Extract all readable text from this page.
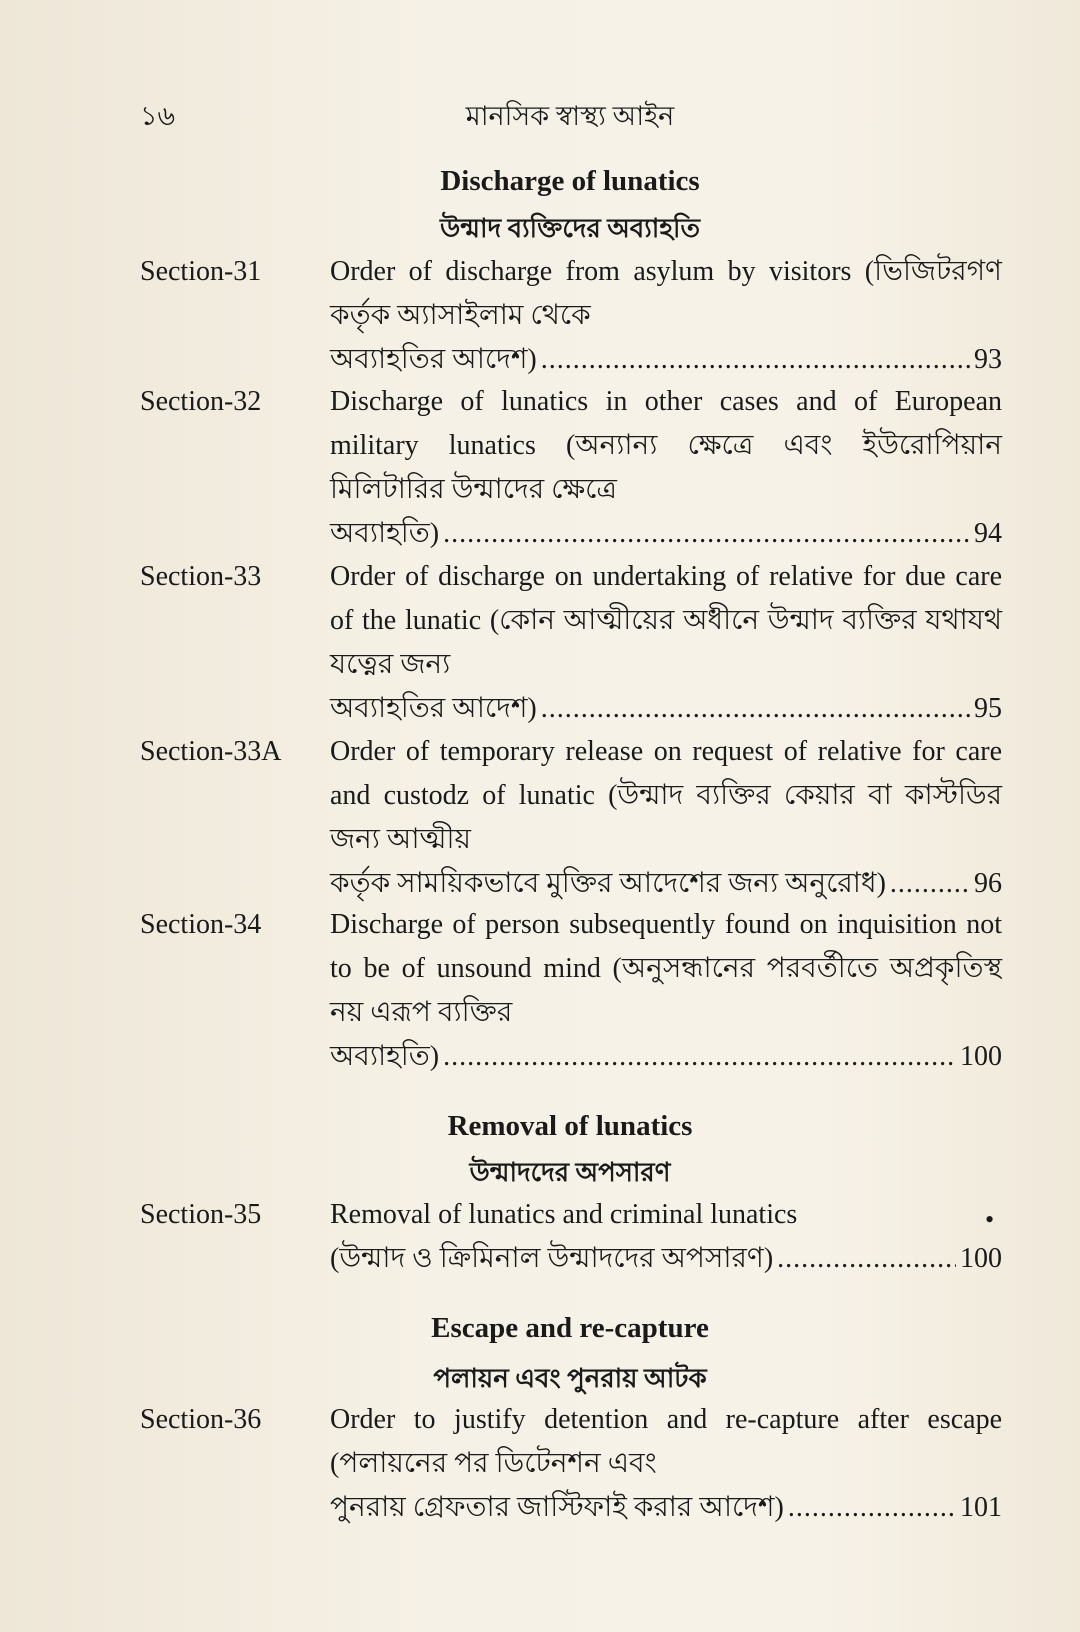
১৬	মানসিক স্বাস্থ্য আইন
Discharge of lunatics
উন্মাদ ব্যক্তিদের অব্যাহতি
Section-31 Order of discharge from asylum by visitors (ভিজিটরগণ কর্তৃক অ্যাসাইলাম থেকে
অব্যাহতির আদেশ) .....	93
Section-32 Discharge of lunatics in other cases and of European military lunatics (অন্যান্য ক্ষেত্রে এবং ইউরোপিয়ান মিলিটারির উন্মাদের ক্ষেত্রে
অব্যাহতি) .....	94
Section-33 Order of discharge on undertaking of relative for due care of the lunatic (কোন আত্মীয়ের অধীনে উন্মাদ ব্যক্তির যথাযথ যত্নের জন্য
অব্যাহতির আদেশ) .....	95
Section-33A Order of temporary release on request of relative for care and custodz of lunatic (উন্মাদ ব্যক্তির কেয়ার বা কাস্টডির জন্য আত্মীয়
কর্তৃক সাময়িকভাবে মুক্তির আদেশের জন্য অনুরোধ) .....	96
Section-34 Discharge of person subsequently found on inquisition not to be of unsound mind (অনুসন্ধানের পরবর্তীতে অপ্রকৃতিস্থ নয় এরূপ ব্যক্তির
অব্যাহতি) .....	100
Removal of lunatics
উন্মাদদের অপসারণ
Section-35 Removal of lunatics and criminal lunatics
(উন্মাদ ও ক্রিমিনাল উন্মাদদের অপসারণ) .....	100
•
Escape and re-capture
পলায়ন এবং পুনরায় আটক
Section-36 Order to justify detention and re-capture after escape (পলায়নের পর ডিটেনশন এবং
পুনরায় গ্রেফতার জাস্টিফাই করার আদেশ) .....	101
